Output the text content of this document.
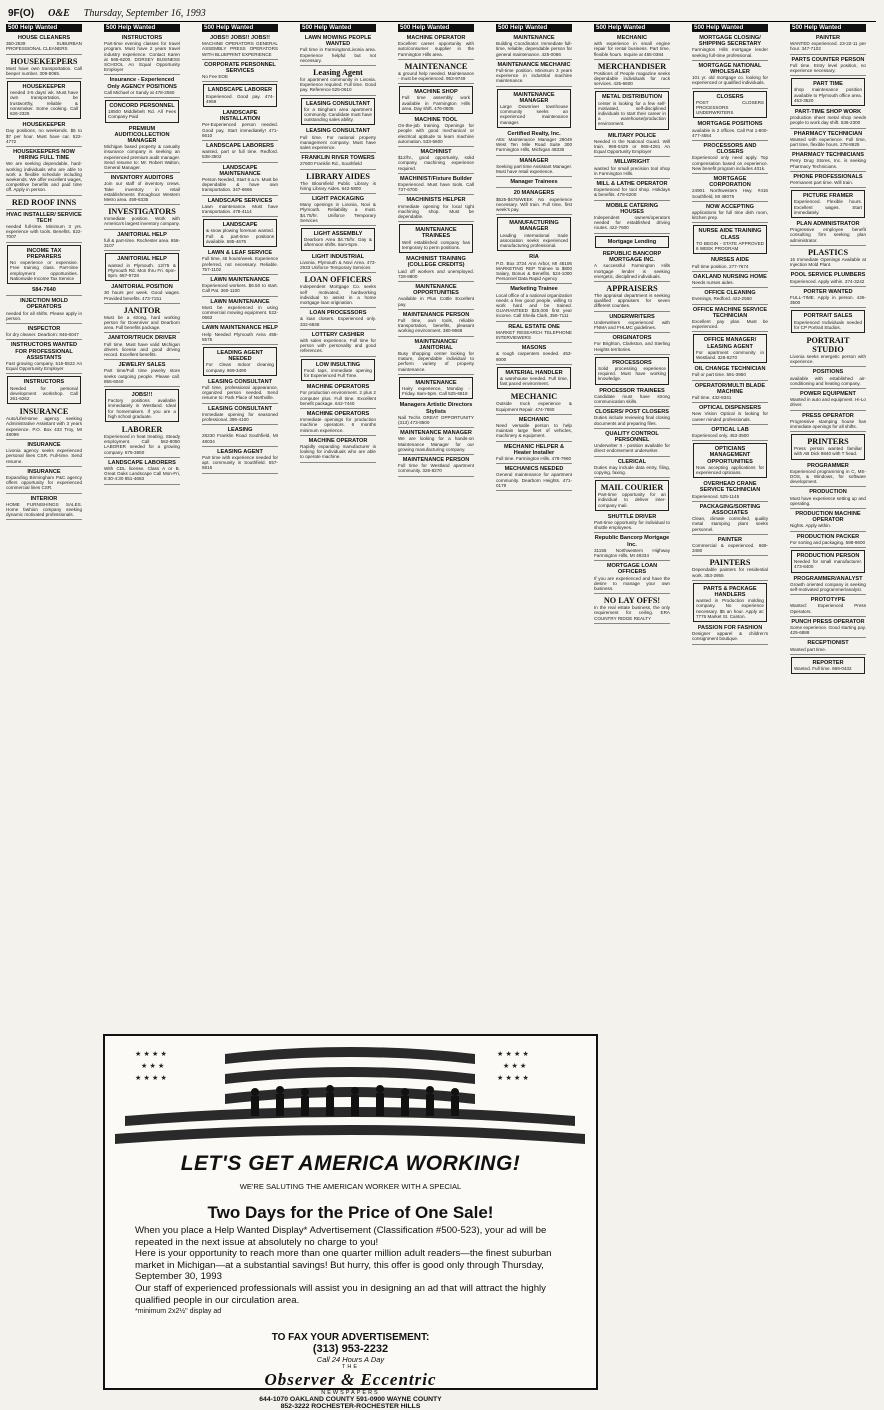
9F(O) O&E Thursday, September 16, 1993
500 Help Wanted
HOUSE CLEANERS
350-2539 SUBURBAN PROFESSIONAL CLEANERS
HOUSEKEEPERS
Must have own transportation. Call beeper number. 309-8065.
HOUSEKEEPER
needed 3-5 days/ wk. Must have own transportation, be trustworthy, reliable & nonsmoker. Some cooking. Call 626-2325
HOUSEKEEPER
Day positions, no weekends. $5 to $7 per hour. Must have car. 522-4772
HOUSEKEEPERS NOW HIRING FULL TIME
We are seeking dependable, hard-working individuals who are able to work a flexible schedule including weekends. We offer excellent wages, competitive benefits and paid time off. Apply in person.
RED ROOF INNS
HVAC INSTALLER/ SERVICE TECH
needed full-time. Minimum 3 yrs. experience with tools. Benefits. 522-7007
INCOME TAX PREPARERS
No experience or expensive. Free training class. Part-time employment opportunities. Nationwide Income Tax Service
584-7640
INJECTION MOLD OPERATORS
needed for all shifts. Please apply in person.
INSPECTOR
for dry cleaner. Dearborn: 846-6047
INSTRUCTORS WANTED FOR PROFESSIONAL ASSISTANTS
Fast growing company. 515-5522 An Equal Opportunity Employer
INSTRUCTORS
Needed for personal development workshop. Call 261-6262
INSURANCE
Auto/Life/Home agency seeking Administrative Assistant with 3 years experience. P.O. Box 433 Troy, MI 48099
INSURANCE
Livonia agency seeks experienced personal lines CSR. Full-time. Send resume.
INSURANCE
Expanding Birmingham P&C agency offers opportunity for experienced commercial lines CSR.
INTERIOR
HOME FURNISHINGS SALES. Home fashion company seeking dynamic motivated professionals.
500 Help Wanted
INSTRUCTORS
Part-time evening classes for travel program. Must have 2 years travel industry experience. Contact Karen at 565-6200. DORSEY BUSINESS SCHOOL An Equal Opportunity Employer
Insurance - Experienced Only AGENCY POSITIONS
Call Michael or Sandy at 478-2550
CONCORD PERSONNEL
18500 Middlebelt Rd. All Fees Company Paid
PREMIUM AUDIT/COLLECTION MANAGER
Michigan based property & casualty insurance company is seeking an experienced premium audit manager. Send resume to: Mr. Robert Walton, General Manager.
INVENTORY AUDITORS
Join our staff of inventory crews. Take inventory in retail establishments throughout Western Metro area. 459-6335
INVESTIGATORS
Immediate position. Work with America's largest inventory company.
JANITORIAL HELP
full & part-time. Rochester area. 656-3107
JANITORIAL HELP
wanted in Plymouth. 12/75 & Plymouth Rd. Mon thru Fri. 6pm-9pm. 687-9728
JANITORIAL POSITION
30 hours per week. Good wages. Provided benefits. 473-7151
JANITOR
Must be a strong, hard working person for Downriver and Dearborn area. Full benefits package.
JANITOR/TRUCK DRIVER
Full time. Must have valid Michigan drivers license and good driving record. Excellent benefits.
JEWELRY SALES
Part time/Full time jewelry store seeks outgoing people. Please call. 855-6040
JOBS!!!
Factory positions available immediately in Westland. Ideal for homemakers. If you are a high school graduate.
LABORER
Experienced in heat treating. Steady employment. Call 562-8050 LABORER needed for a growing company. 675-3650
LANDSCAPE LABORERS
With CDL license. Class A or B. Great Oaks Landscape Call Mon-Fri, 8:30-4:30 851-4663
500 Help Wanted
JOBS!! JOBS!! JOBS!!
MACHINE OPERATORS GENERAL ASSEMBLY PRESS OPERATORS WITH BLUEPRINT EXPERIENCE
CORPORATE PERSONNEL SERVICES
No Fee EOE
LANDSCAPE LABORER
Experienced. Good pay. 474-4959
LANDSCAPE INSTALLATION
Per-Experienced person needed. Good pay, Start immediately! 471-6610
LANDSCAPE LABORERS
wanted, part or full time. Redford. 538-3502
LANDSCAPE MAINTENANCE
Person Needed, Start 5 a.m. Must be dependable & have own transportation. 347-6666
LANDSCAPE SERVICES
Lawn maintenance. Must have transportation. 478-4114
LANDSCAPE
& snow plowing foreman wanted. Full & part-time positions available. 685-4676
LAWN & LEAF SERVICE
Full time, 45 hours/week. Experience preferred, not necessary. Reliable. 757-1102
LAWN MAINTENANCE
Experienced workers. $6.50 to start. Call Pat. 360-1100
LAWN MAINTENANCE
Must be experienced in using commercial mowing equipment. 522-0663
LAWN MAINTENANCE HELP
Help Needed Plymouth Area 455-5575
LEADING AGENT NEEDED
For Clean Indoor cleaning company. 669-3490
LEASING CONSULTANT
Full time, professional appearance, organized person needed. Send resume to: Park Place of Northville.
LEASING CONSULTANT
Immediate opening for seasoned professional. 399-4100
LEASING
28230 Franklin Road Southfield, MI 48034
LEASING AGENT
Part time with experience needed for apt. community in Southfield. 557-6815
500 Help Wanted
LAWN MOWING PEOPLE WANTED
Full time in Farmington/Livonia area. Experience helpful but not necessary.
Leasing Agent
for apartment community in Livonia. Experience required. Full time. Good pay. Reference 525-0610
LEASING CONSULTANT
for a Bingham area apartment community. Candidate must have outstanding sales ability.
LEASING CONSULTANT
Full time. For national property management company. Must have sales experience.
FRANKLIN RIVER TOWERS
27600 Franklin Rd., Southfield
LIBRARY AIDES
The Bloomfield Public Library is hiring Library Aides. 642-5800
LIGHT PACKAGING
Many openings in Livonia, Novi & Plymouth. Reliability a must. $4.75/hr. Uniforce Temporary Services
LIGHT ASSEMBLY
Dearborn Area $4.75/hr. Day & afternoon shifts. 8am-5pm.
LIGHT INDUSTRIAL
Livonia, Plymouth & Novi Area. 473-2933 Uniforce Temporary Services
LOAN OFFICERS
Independent Mortgage Co. seeks self motivated, hardworking individual to assist in a home mortgage loan origination.
LOAN PROCESSORS
& loan closers. Experienced only. 332-6838
LOTTERY CASHIER
with sales experience. Full time for person with personality and good references.
LOW INSULTING
Food taps, immediate opening for Experienced Full Time.
MACHINE OPERATORS
For production environment. 2 plus 2 computer plus. Full time. Excellent benefit package. 642-7440
MACHINE OPERATORS
Immediate openings for production machine operators. 6 months minimum experience.
MACHINE OPERATOR
Rapidly expanding manufacturer is looking for individuals who are able to operate machine.
500 Help Wanted
MACHINE OPERATOR
Excellent career opportunity with auto/consumer supplier in the Farmington Hills area.
MAINTENANCE
& ground help needed. Maintenance - must be experienced. 953-9749
MACHINE SHOP
Full time assembly work available in Farmington Hills area. Day shift. 476-0605
MACHINE TOOL
On-the-job training. Openings for people with good mechanical or electrical aptitude to learn machine automation. 533-5600
MACHINIST
$12/hr., good opportunity, solid company, machining experience required.
MACHINIST/Fixture Builder
Experienced. Must have tools. Call 737-6700
MACHINISTS HELPER
Immediate opening for local tight machining shop. Must be dependable.
MAINTENANCE TRAINEES
Well established company has temporary to perm positions.
MACHINIST TRAINING (COLLEGE CREDITS)
Laid off workers and unemployed. 728-8800
MAINTENANCE OPPORTUNITIES
Available in Plus Cottle Excellent pay.
MAINTENANCE PERSON
Full time, own tools, reliable transportation, benefits, pleasant working environment. 380-8668
MAINTENANCE/ JANITORIAL
Busy shopping center looking for mature, dependable individual to perform variety of property maintenance.
MAINTENANCE
Hairy experience, Monday - Friday. 8am-5pm. Call 525-6818
Managers Artistic Directors Stylists
Nail Techs GREAT OPPORTUNITY (313) 473-8500
MAINTENANCE MANAGER
We are looking for a hands-on Maintenance Manager for our growing manufacturing company.
MAINTENANCE PERSON
Full time for Westland apartment community. 326-8270
500 Help Wanted
MAINTENANCE
Building Coordinator. Immediate full-time, reliable, dependable person for general maintenance. 425-0066
MAINTENANCE MECHANIC
Full-time position. Minimum 3 years experience in industrial machine maintenance.
MAINTENANCE MANAGER
Large Downriver townhouse community seeks an experienced maintenance manager.
Certified Realty, Inc.
Attn: Maintenance Manager 28049 West Ten Mile Road Suite 300 Farmington Hills, Michigan 48336
MANAGER
Seeking part time Assistant Manager. Must have retail experience.
Manager Trainees
20 MANAGERS
$525-$475/WEEK No experience necessary. Will train. Full time, first week's pay.
MANUFACTURING MANAGER
Leading international trade association seeks experienced manufacturing professional.
RIA
P.O. Box 3724 Ann Arbor, MI 48106 MARKETING REP Trainee to $800 Salary, Bonus & Benefits. 524-1000 Personnel Data Rapid Agency
Marketing Trainee
Local office of a national organization needs a few good people, willing to work hard and be trained. GUARANTEED $25,000 first year income. Call Sheila Clark, 356-7111
REAL ESTATE ONE
MARKET RESEARCH TELEPHONE INTERVIEWERS
MASONS
& rough carpenters needed. 453-8000
MATERIAL HANDLER
& warehouse needed. Full time, fast paced environment.
MECHANIC
Outside truck experience & Equipment Repair. 474-7860
MECHANIC
Need versatile person to help maintain large fleet of vehicles, machinery & equipment.
MECHANIC HELPER & Heater Installer
Full time. Farmington Hills. 478-7960
MECHANICS NEEDED
General maintenance for apartment community. Dearborn Heights. 471-0179
500 Help Wanted
MECHANIC
with experience in small engine repair for rental business. Part time, flexible hours. Inquire at 455-0384
MERCHANDISER
Positions of People magazine seeks dependable individuals for rack services. 425-6600
METAL DISTRIBUTION
center is looking for a few self-motivated, self-disciplined individuals to start their career in a warehouse/production environment.
MILITARY POLICE
Needed in the National Guard. Will train. 968-0429 or 968-4291 An Equal Opportunity Employer
MILLWRIGHT
wanted for small precision tool shop in Farmington Hills.
MILL & LATHE OPERATOR
Experienced for tool shop. Holidays & benefits. 478-6200
MOBILE CATERING HOUSES
Independent owners/operators needed for established driving routes. 422-7600
Mortgage Lending
REPUBLIC BANCORP MORTGAGE INC.
A successful Farmington Hills mortgage lender is seeking energetic, disciplined individuals.
APPRAISERS
The appraisal department is seeking qualified appraisers for seven different counties.
UNDERWRITERS
Underwriters experienced with FNMA and FHLMC guidelines.
ORIGINATORS
For Brighton, Clarkston, and Sterling Heights territories.
PROCESSORS
Solid processing experience required. Must have working knowledge.
PROCESSOR TRAINEES
Candidate must have strong communication skills.
CLOSERS/ POST CLOSERS
Duties include reviewing final closing documents and preparing files.
QUALITY CONTROL PERSONNEL
Underwriter II - position available for direct endorsement underwriter.
CLERICAL
Duties may include data entry, filing, copying, faxing.
MAIL COURIER
Part-time opportunity for an individual to deliver inter-company mail.
SHUTTLE DRIVER
Part-time opportunity for individual to shuttle employees.
Republic Bancorp Mortgage Inc.
31155 Northwestern Highway Farmington Hills, MI 48334
MORTGAGE LOAN OFFICERS
If you are experienced and have the desire to manage your own business.
NO LAY OFFS!
In the real estate business, the only requirement for ceiling. ERA COUNTRY RIDGE REALTY
500 Help Wanted
MORTGAGE CLOSING/ SHIPPING SECRETARY
Farmington Hills mortgage lender seeking full-time professional.
MORTGAGE NATIONAL WHOLESALER
101 yr. old mortgage co. looking for experienced or qualified individuals.
CLOSERS
POST CLOSERS PROCESSORS UNDERWRITERS
MORTGAGE POSITIONS
available in 2 offices. Call Pat 1-800-477-4554
PROCESSORS AND CLOSERS
Experienced only need apply. Top compensation based on experience. New benefit program includes 401k.
MORTGAGE CORPORATION
24901 Northwestern Hwy. #416 Southfield, MI 48075
NOW ACCEPTING
applications for full time dish room, kitchen prep.
NURSE AIDE TRAINING CLASS
TO BEGIN - STATE APPROVED 6 WEEK PROGRAM
NURSES AIDE
Full time position. 277-7674
OAKLAND NURSING HOME
Needs nurses aides.
OFFICE CLEANING
Evenings, Redford. 422-2560
OFFICE MACHINE SERVICE TECHNICIAN
Excellent pay plan. Must be experienced.
OFFICE MANAGER/ LEASING AGENT
For apartment community in Westland. 326-8270
OIL CHANGE TECHNICIAN
Full or part time. 591-3950
OPERATOR/MULTI BLADE MACHINE
Full time. 432-8341
OPTICAL DISPENSERS
New Vision Optical is looking for career minded professionals.
OPTICAL LAB
Experienced only. 453-3500
OPTICIANS MANAGEMENT OPPORTUNITIES
Now accepting applications for experienced opticians.
OVERHEAD CRANE SERVICE TECHNICIAN
Experienced. 525-1145
PACKAGING/SORTING ASSOCIATES
Clean, climate controlled, quality metal stamping plant seeks personnel.
PAINTER
Commercial & experienced. 669-3480
PAINTERS
Dependable painters for residential work. 353-2955
PARTS & PACKAGE HANDLERS
wanted in Production molding company. No experience necessary. $5 an hour. Apply at: 7776 Market St. Canton.
PASSION FOR FASHION
Designer apparel & children's consignment boutique.
500 Help Wanted
PAINTER
WANTED experienced. 23-22-11 per hour. 347-7102
PARTS COUNTER PERSON
Full time. Entry level position, no experience necessary.
PART TIME
shop maintenance position available to Plymouth office area. 453-3520
PART-TIME SHOP WORK
production sheet metal shop needs people to work day shift. 536-2300
PHARMACY TECHNICIAN
Wanted with experience. Full time, part time, flexible hours. 278-8625
PHARMACY TECHNICIANS
Perry Drug Stores, Inc. is seeking Pharmacy Technicians.
PHONE PROFESSIONALS
Permanent part time. Will train.
PICTURE FRAMER
Experienced. Flexible hours. Excellent wages. Start immediately.
PLAN ADMINISTRATOR
Progressive employee benefit consulting firm seeking plan administrator.
PLASTICS
15 Immediate Openings Available at Injection Mold Plant.
POOL SERVICE PLUMBERS
Experienced. Apply within. 374-3242
PORTER WANTED
FULL-TIME. Apply in person. 426-3500
PORTRAIT SALES
Experienced Individuals needed for CP Portrait Studios.
PORTRAIT STUDIO
Livonia seeks energetic person with experience.
POSITIONS
available with established air-conditioning and heating company.
POWER EQUIPMENT
Wanted in auto and equipment. Hi-Lo driver.
PRESS OPERATOR
Progressive stamping house has immediate openings for all shifts.
PRINTERS
Press person wanted familiar with AB Dick 9840 with T head.
PROGRAMMER
Experienced programming in C, MS-DOS, & Windows, for software development.
PRODUCTION
Must have experience setting up and operating.
PRODUCTION MACHINE OPERATOR
Nights. Apply within.
PRODUCTION PACKER
For sorting and packaging. 588-8600
PRODUCTION PERSON
Needed for small manufacturer. 473-8400
PROGRAMMER/ANALYST
Growth oriented company is seeking self-motivated programmer/analyst.
PROTOTYPE
Wanted: Experienced Press Operators.
PUNCH PRESS OPERATOR
Some experience. Good starting pay. 425-6888
RECEPTIONIST
Wanted part time.
REPORTER
Wanted. Full time. 669-0432
★ ★ ★ ★
★ ★ ★
★ ★ ★ ★
★ ★ ★ ★
★ ★ ★
★ ★ ★ ★
LET'S GET AMERICA WORKING!
WE'RE SALUTING THE AMERICAN WORKER WITH A SPECIAL
Two Days for the Price of One Sale!
When you place a Help Wanted Display* Advertisement (Classification #500-523), your ad will be repeated in the next issue at absolutely no charge to you!
Here is your opportunity to reach more than one quarter million adult readers—the finest suburban market in Michigan—at a substantial savings! But hurry, this offer is good only through Thursday, September 30, 1993
Our staff of experienced professionals will assist you in designing an ad that will attract the highly qualified people in our circulation area.
*minimum 2x2½" display ad
TO FAX YOUR ADVERTISEMENT:
(313) 953-2232
Call 24 Hours A Day
THE
Observer & Eccentric
NEWSPAPERS
644-1070 OAKLAND COUNTY 591-0900 WAYNE COUNTY
852-3222 ROCHESTER-ROCHESTER HILLS
